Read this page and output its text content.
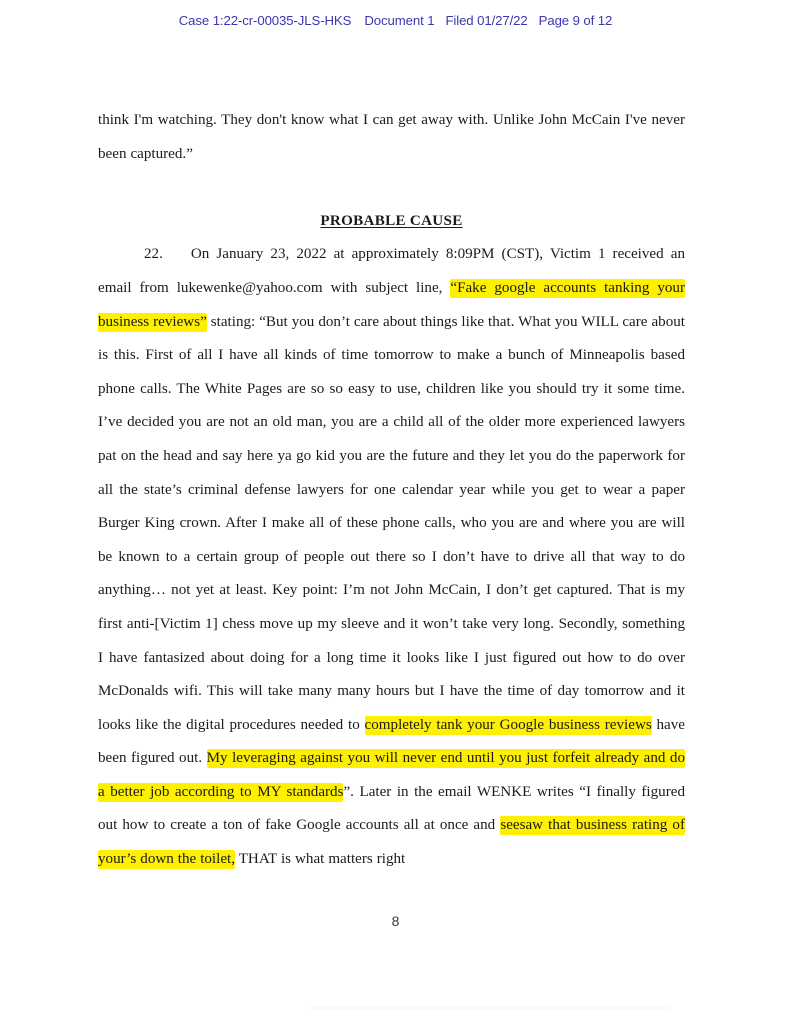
Case 1:22-cr-00035-JLS-HKS Document 1 Filed 01/27/22 Page 9 of 12

think I'm watching. They don't know what I can get away with. Unlike John McCain I've never been captured.”

PROBABLE CAUSE

22. On January 23, 2022 at approximately 8:09PM (CST), Victim 1 received an email from lukewenke@yahoo.com with subject line, “Fake google accounts tanking your business reviews” stating: “But you don’t care about things like that. What you WILL care about is this. First of all I have all kinds of time tomorrow to make a bunch of Minneapolis based phone calls. The White Pages are so so easy to use, children like you should try it some time. I’ve decided you are not an old man, you are a child all of the older more experienced lawyers pat on the head and say here ya go kid you are the future and they let you do the paperwork for all the state’s criminal defense lawyers for one calendar year while you get to wear a paper Burger King crown. After I make all of these phone calls, who you are and where you are will be known to a certain group of people out there so I don’t have to drive all that way to do anything… not yet at least. Key point: I’m not John McCain, I don’t get captured. That is my first anti-[Victim 1] chess move up my sleeve and it won’t take very long. Secondly, something I have fantasized about doing for a long time it looks like I just figured out how to do over McDonalds wifi. This will take many many hours but I have the time of day tomorrow and it looks like the digital procedures needed to completely tank your Google business reviews have been figured out. My leveraging against you will never end until you just forfeit already and do a better job according to MY standards”. Later in the email WENKE writes “I finally figured out how to create a ton of fake Google accounts all at once and seesaw that business rating of your’s down the toilet, THAT is what matters right

8
